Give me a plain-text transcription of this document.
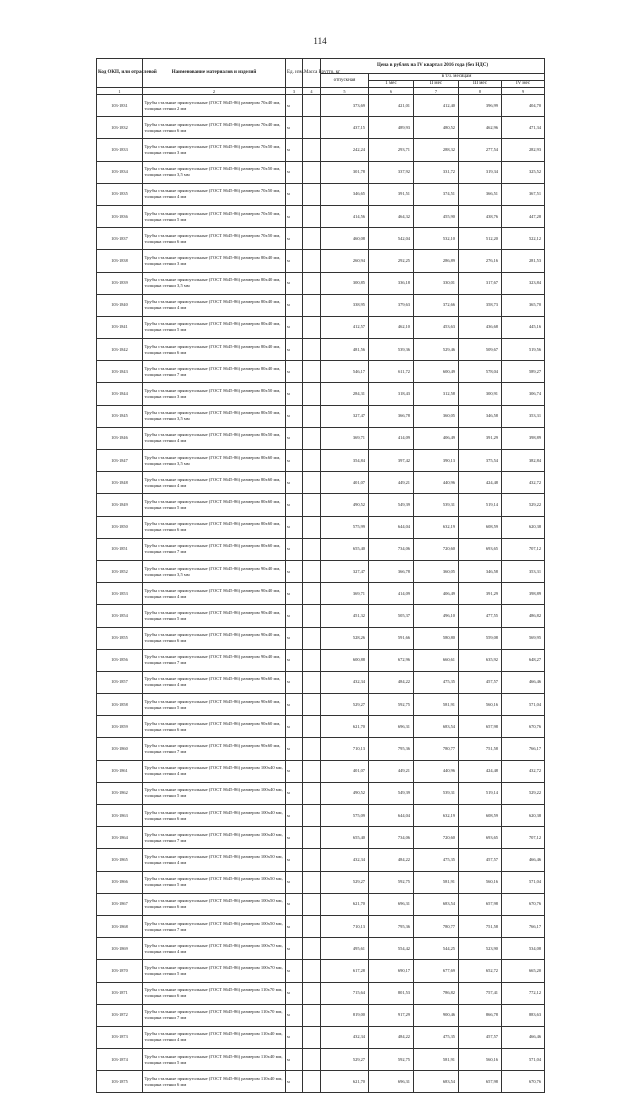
114
Код ОКП, или отраслевой	Наименование материалов и изделий	Ед. изм.	Масса Брутто, кг	Цена в рублях на IV квартал 2016 года (без НДС)				
				отпускная	в т.ч. месяцам			
					1 мес	II мес	III мес	IV мес
1	2	3	4	5	6	7	8	9
103-1831	Трубы стальные прямоугольные (ГОСТ 8645-86) размером 70х40 мм, толщина стенки 2 мм	м		373,69	421,01	412,40	396,99	404,70
103-1832	Трубы стальные прямоугольные (ГОСТ 8645-86) размером 70х40 мм, толщина стенки 6 мм	м		437,15	489,93	480,52	462,96	471,34
103-1833	Трубы стальные прямоугольные (ГОСТ 8645-86) размером 70х50 мм, толщина стенки 3 мм	м		242,24	293,71	288,32	277,54	282,93
103-1834	Трубы стальные прямоугольные (ГОСТ 8645-86) размером 70х50 мм, толщина стенки 3,5 мм	м		301,78	337,92	331,72	319,34	325,52
103-1835	Трубы стальные прямоугольные (ГОСТ 8645-86) размером 70х50 мм, толщина стенки 4 мм	м		346,65	391,51	374,51	366,51	367,51
103-1836	Трубы стальные прямоугольные (ГОСТ 8645-86) размером 70х50 мм, толщина стенки 5 мм	м		414,56	464,32	455,90	438,76	447,28
103-1837	Трубы стальные прямоугольные (ГОСТ 8645-86) размером 70х50 мм, толщина стенки 6 мм	м		460,08	542,04	532,10	512,20	522,12
103-1838	Трубы стальные прямоугольные (ГОСТ 8645-86) размером 80х40 мм, толщина стенки 3 мм	м		260,94	292,25	286,89	276,16	281,53
103-1839	Трубы стальные прямоугольные (ГОСТ 8645-86) размером 80х40 мм, толщина стенки 3,5 мм	м		300,85	336,18	330,01	317,67	323,84
103-1840	Трубы стальные прямоугольные (ГОСТ 8645-86) размером 80х40 мм, толщина стенки 4 мм	м		338,95	379,63	372,66	358,73	365,70
103-1841	Трубы стальные прямоугольные (ГОСТ 8645-86) размером 80х40 мм, толщина стенки 5 мм	м		412,57	462,10	453,63	436,68	445,16
103-1842	Трубы стальные прямоугольные (ГОСТ 8645-86) размером 80х40 мм, толщина стенки 6 мм	м		481,56	539,36	529,46	509,67	519,56
103-1843	Трубы стальные прямоугольные (ГОСТ 8645-86) размером 80х40 мм, толщина стенки 7 мм	м		546,17	611,72	600,49	578,04	589,27
103-1844	Трубы стальные прямоугольные (ГОСТ 8645-86) размером 80х50 мм, толщина стенки 3 мм	м		284,31	318,43	312,58	300,91	306,74
103-1845	Трубы стальные прямоугольные (ГОСТ 8645-86) размером 80х50 мм, толщина стенки 3,5 мм	м		327,47	366,78	360,05	346,58	353,31
103-1846	Трубы стальные прямоугольные (ГОСТ 8645-86) размером 80х50 мм, толщина стенки 4 мм	м		369,71	414,09	406,49	391,29	398,89
103-1847	Трубы стальные прямоугольные (ГОСТ 8645-86) размером 80х60 мм, толщина стенки 3,5 мм	м		354,84	397,42	390,13	375,54	382,84
103-1848	Трубы стальные прямоугольные (ГОСТ 8645-86) размером 80х60 мм, толщина стенки 4 мм	м		401,07	449,21	440,96	424,48	432,72
103-1849	Трубы стальные прямоугольные (ГОСТ 8645-86) размером 80х60 мм, толщина стенки 5 мм	м		490,52	549,39	539,31	519,14	529,22
103-1850	Трубы стальные прямоугольные (ГОСТ 8645-86) размером 80х60 мм, толщина стенки 6 мм	м		575,99	644,04	632,19	608,59	620,38
103-1851	Трубы стальные прямоугольные (ГОСТ 8645-86) размером 80х60 мм, толщина стенки 7 мм	м		655,40	734,06	720,60	693,65	707,12
103-1852	Трубы стальные прямоугольные (ГОСТ 8645-86) размером 90х40 мм, толщина стенки 3,5 мм	м		327,47	366,78	360,05	346,58	353,31
103-1853	Трубы стальные прямоугольные (ГОСТ 8645-86) размером 90х40 мм, толщина стенки 4 мм	м		369,71	414,09	406,49	391,29	398,89
103-1854	Трубы стальные прямоугольные (ГОСТ 8645-86) размером 90х40 мм, толщина стенки 5 мм	м		451,32	505,37	496,10	477,55	486,82
103-1855	Трубы стальные прямоугольные (ГОСТ 8645-86) размером 90х40 мм, толщина стенки 6 мм	м		528,26	591,66	580,80	559,08	569,95
103-1856	Трубы стальные прямоугольные (ГОСТ 8645-86) размером 90х40 мм, толщина стенки 7 мм	м		600,88	672,96	660,61	635,92	648,27
103-1857	Трубы стальные прямоугольные (ГОСТ 8645-86) размером 90х60 мм, толщина стенки 4 мм	м		432,34	484,22	475,35	457,57	466,46
103-1858	Трубы стальные прямоугольные (ГОСТ 8645-86) размером 90х60 мм, толщина стенки 5 мм	м		529,27	592,75	581,91	560,16	571,04
103-1859	Трубы стальные прямоугольные (ГОСТ 8645-86) размером 90х60 мм, толщина стенки 6 мм	м		621,70	696,31	683,54	657,98	670,76
103-1860	Трубы стальные прямоугольные (ГОСТ 8645-86) размером 90х60 мм, толщина стенки 7 мм	м		710,13	795,36	780,77	751,58	766,17
103-1861	Трубы стальные прямоугольные (ГОСТ 8645-86) размером 100х40 мм, толщина стенки 4 мм	м		401,07	449,21	440,96	424,48	432,72
103-1862	Трубы стальные прямоугольные (ГОСТ 8645-86) размером 100х40 мм, толщина стенки 5 мм	м		490,52	549,39	539,31	519,14	529,22
103-1863	Трубы стальные прямоугольные (ГОСТ 8645-86) размером 100х40 мм, толщина стенки 6 мм	м		575,09	644,04	632,19	608,59	620,38
103-1864	Трубы стальные прямоугольные (ГОСТ 8645-86) размером 100х40 мм, толщина стенки 7 мм	м		655,40	734,06	720,60	693,65	707,12
103-1865	Трубы стальные прямоугольные (ГОСТ 8645-86) размером 100х50 мм, толщина стенки 4 мм	м		432,34	484,22	475,35	457,57	466,46
103-1866	Трубы стальные прямоугольные (ГОСТ 8645-86) размером 100х50 мм, толщина стенки 5 мм	м		529,27	592,75	581,91	560,16	571,04
103-1867	Трубы стальные прямоугольные (ГОСТ 8645-86) размером 100х50 мм, толщина стенки 6 мм	м		621,70	696,31	683,54	657,98	670,76
103-1868	Трубы стальные прямоугольные (ГОСТ 8645-86) размером 100х50 мм, толщина стенки 7 мм	м		710,13	795,36	780,77	751,58	766,17
103-1869	Трубы стальные прямоугольные (ГОСТ 8645-86) размером 100х70 мм, толщина стенки 4 мм	м		495,61	554,42	544,25	523,90	534,08
103-1870	Трубы стальные прямоугольные (ГОСТ 8645-86) размером 100х70 мм, толщина стенки 5 мм	м		617,28	690,17	677,69	652,72	665,20
103-1871	Трубы стальные прямоугольные (ГОСТ 8645-86) размером 110х70 мм, толщина стенки 6 мм	м		715,64	801,53	786,82	757,41	772,12
103-1872	Трубы стальные прямоугольные (ГОСТ 8645-86) размером 110х70 мм, толщина стенки 7 мм	м		819,00	917,29	900,46	866,78	883,63
103-1873	Трубы стальные прямоугольные (ГОСТ 8645-86) размером 110х40 мм, толщина стенки 4 мм	м		432,34	484,22	475,35	457,57	466,46
103-1874	Трубы стальные прямоугольные (ГОСТ 8645-86) размером 110х40 мм, толщина стенки 5 мм	м		529,27	592,75	581,91	560,16	571,04
103-1875	Трубы стальные прямоугольные (ГОСТ 8645-86) размером 110х40 мм, толщина стенки 6 мм	м		621,70	696,31	683,54	657,98	670,76
